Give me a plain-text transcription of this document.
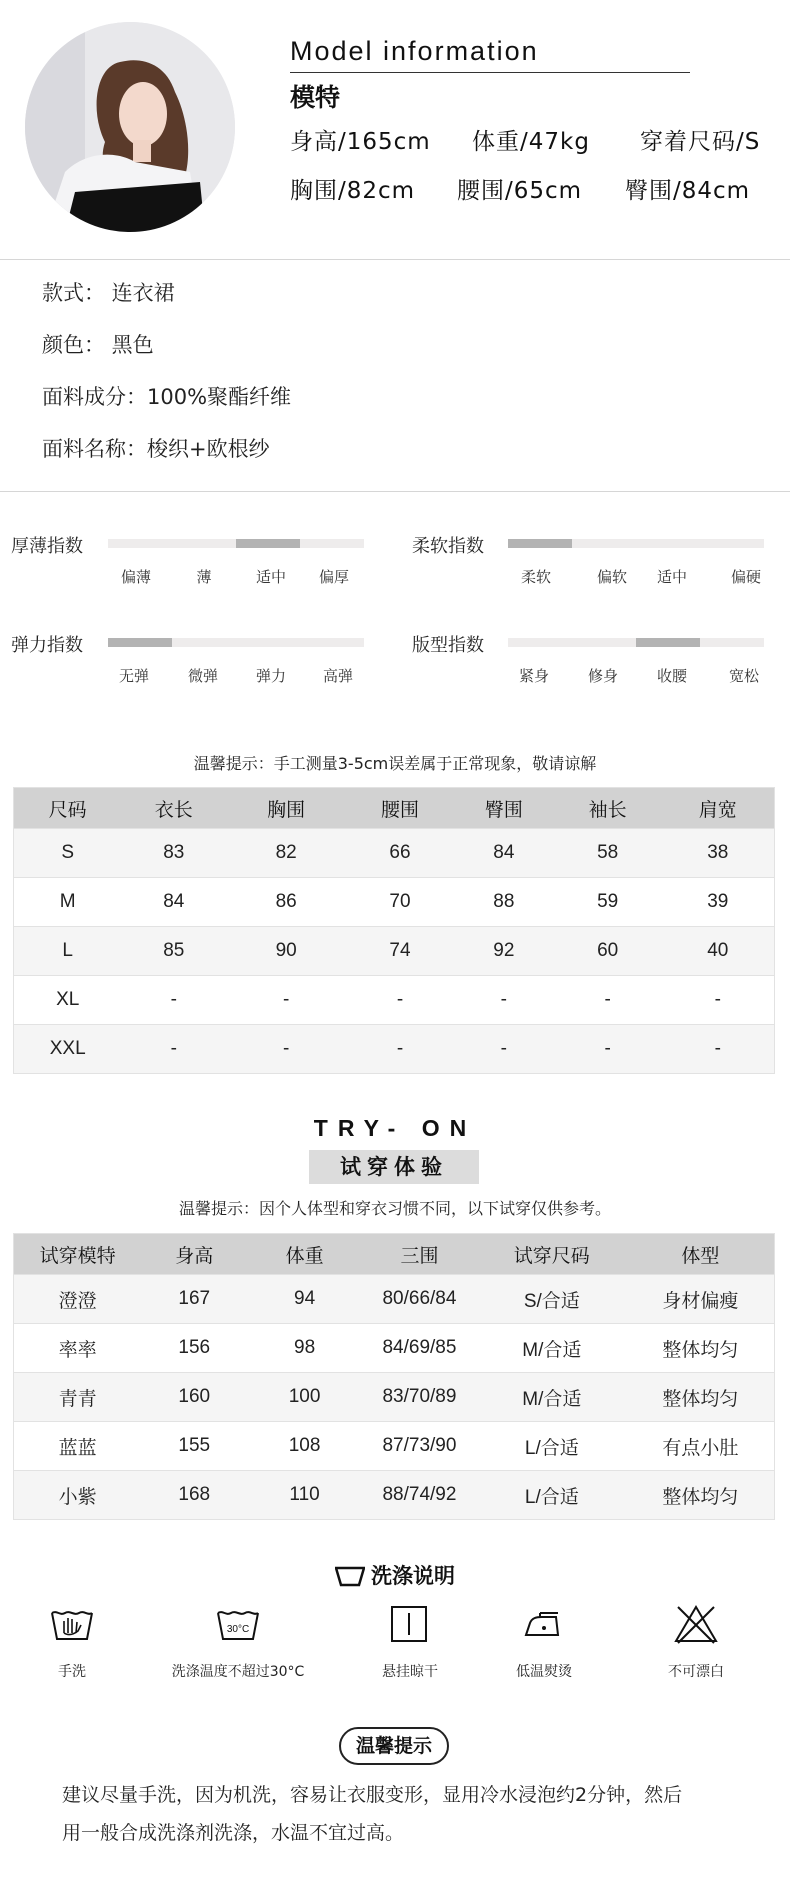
Model information
模特
身高/165cm 体重/47kg 穿着尺码/S
胸围/82cm 腰围/65cm 臀围/84cm
款式： 连衣裙
颜色： 黑色
面料成分：100%聚酯纤维
面料名称：梭织+欧根纱
厚薄指数
偏薄	薄	适中 偏厚
柔软指数
柔软	偏软 适中	偏硬
弹力指数
无弹	微弹	弹力 高弹
版型指数
紧身	修身	收腰	宽松
温馨提示：手工测量3-5cm误差属于正常现象，敬请谅解
尺码	衣长	胸围	腰围	臀围	袖长	肩宽
S	83	82	66	84	58	38
M	84	86	70	88	59	39
L	85	90	74	92	60	40
XL	-	-	-	-	-	-
XXL	-	-	-	-	-	-
TRY- ON
试穿体验
温馨提示：因个人体型和穿衣习惯不同，以下试穿仅供参考。
试穿模特	身高	体重	三围	试穿尺码	体型
澄澄	167	94	80/66/84	S/合适	身材偏瘦
率率	156	98	84/69/85	M/合适	整体均匀
青青	160	100	83/70/89	M/合适	整体均匀
蓝蓝	155	108	87/73/90	L/合适	有点小肚
小紫	168	110	88/74/92	L/合适	整体均匀
洗涤说明
手洗
30°C
洗涤温度不超过30°C	悬挂晾干	低温熨烫	不可漂白
温馨提示
建议尽量手洗，因为机洗，容易让衣服变形，显用冷水浸泡约2分钟，然后
用一般合成洗涤剂洗涤，水温不宜过高。
